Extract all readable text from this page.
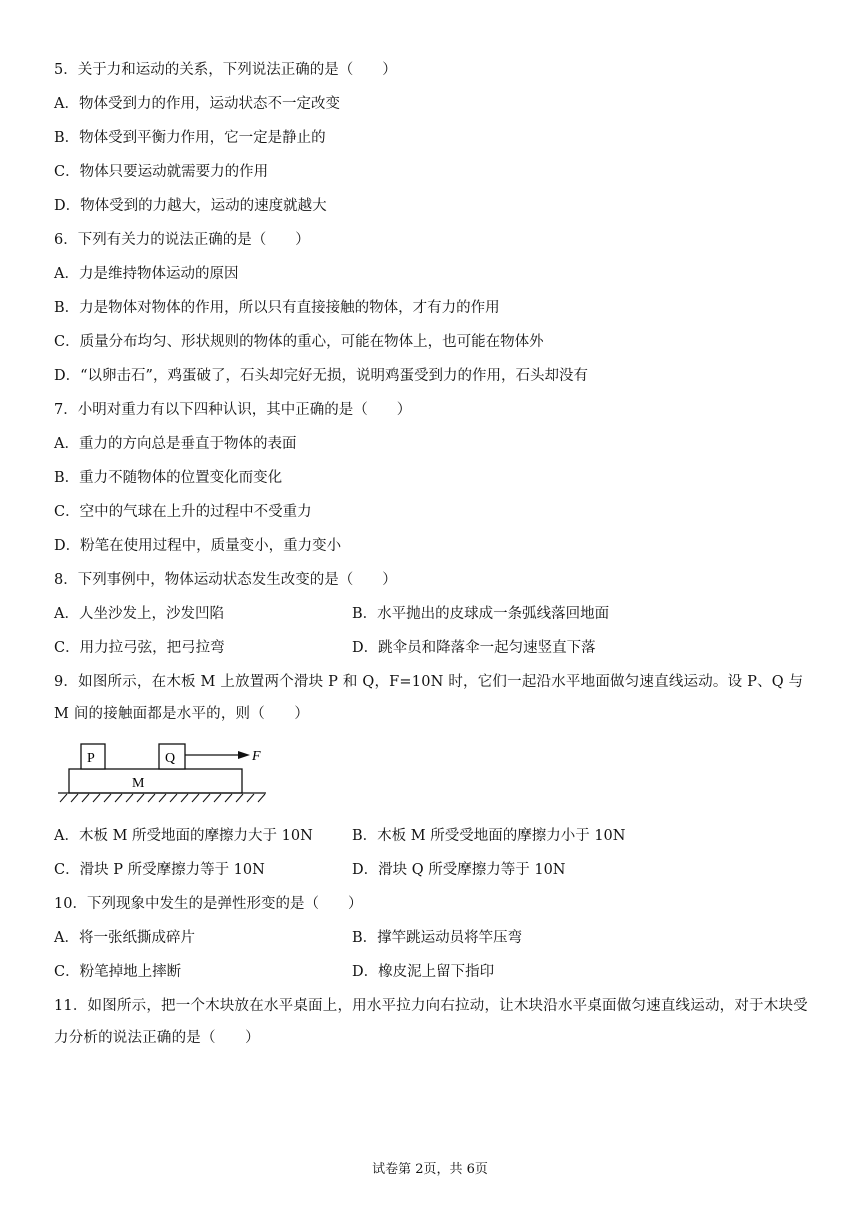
5．关于力和运动的关系，下列说法正确的是（　　）
A．物体受到力的作用，运动状态不一定改变
B．物体受到平衡力作用，它一定是静止的
C．物体只要运动就需要力的作用
D．物体受到的力越大，运动的速度就越大
6．下列有关力的说法正确的是（　　）
A．力是维持物体运动的原因
B．力是物体对物体的作用，所以只有直接接触的物体，才有力的作用
C．质量分布均匀、形状规则的物体的重心，可能在物体上，也可能在物体外
D．“以卵击石”，鸡蛋破了，石头却完好无损，说明鸡蛋受到力的作用，石头却没有
7．小明对重力有以下四种认识，其中正确的是（　　）
A．重力的方向总是垂直于物体的表面
B．重力不随物体的位置变化而变化
C．空中的气球在上升的过程中不受重力
D．粉笔在使用过程中，质量变小，重力变小
8．下列事例中，物体运动状态发生改变的是（　　）
A．人坐沙发上，沙发凹陷	B．水平抛出的皮球成一条弧线落回地面
C．用力拉弓弦，把弓拉弯	D．跳伞员和降落伞一起匀速竖直下落
9．如图所示，在木板 M 上放置两个滑块 P 和 Q，F=10N 时，它们一起沿水平地面做匀速直线运动。设 P、Q 与 M 间的接触面都是水平的，则（　　）
M
P	Q	F
A．木板 M 所受地面的摩擦力大于 10N	B．木板 M 所受受地面的摩擦力小于 10N
C．滑块 P 所受摩擦力等于 10N	D．滑块 Q 所受摩擦力等于 10N
10．下列现象中发生的是弹性形变的是（　　）
A．将一张纸撕成碎片	B．撑竿跳运动员将竿压弯
C．粉笔掉地上摔断	D．橡皮泥上留下指印
11．如图所示，把一个木块放在水平桌面上，用水平拉力向右拉动，让木块沿水平桌面做匀速直线运动，对于木块受力分析的说法正确的是（　　）
试卷第 2页，共 6页
